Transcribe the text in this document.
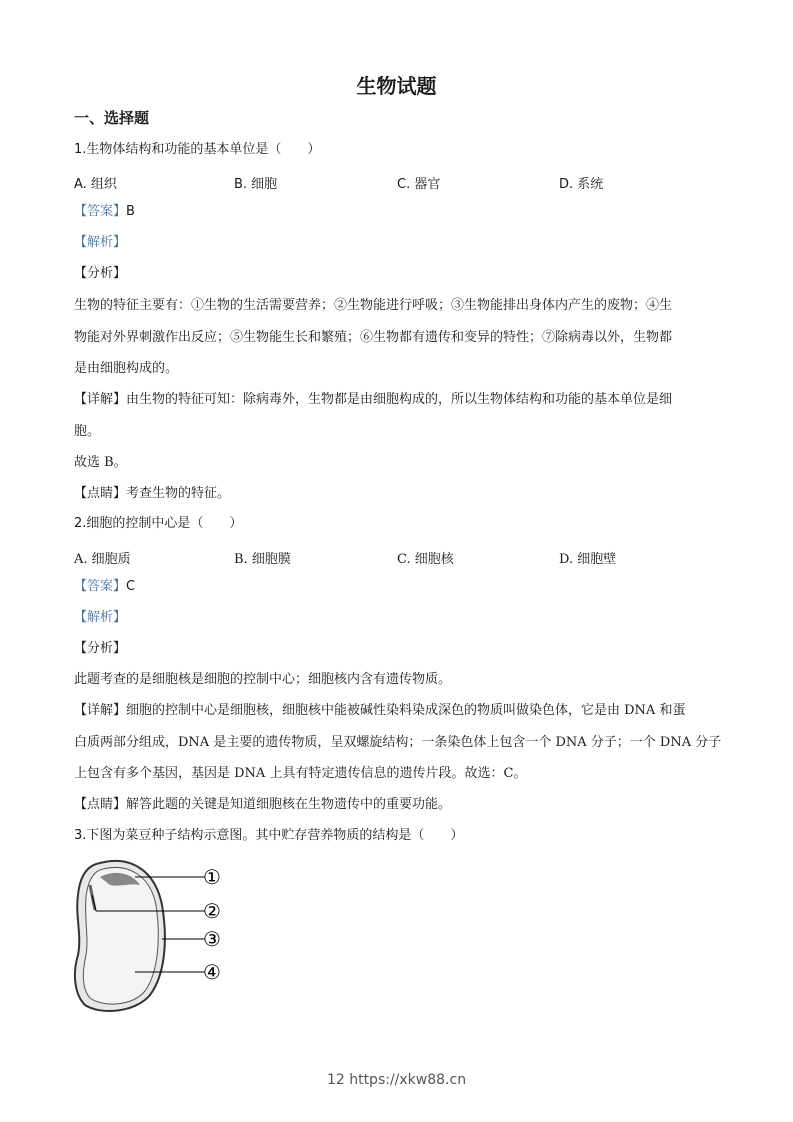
生物试题
一、选择题
1.生物体结构和功能的基本单位是（　　）
A. 组织	B. 细胞	C. 器官	D. 系统
【答案】B
【解析】
【分析】
生物的特征主要有：①生物的生活需要营养；②生物能进行呼吸；③生物能排出身体内产生的废物；④生
物能对外界刺激作出反应；⑤生物能生长和繁殖；⑥生物都有遗传和变异的特性；⑦除病毒以外，生物都
是由细胞构成的。
【详解】由生物的特征可知：除病毒外，生物都是由细胞构成的，所以生物体结构和功能的基本单位是细
胞。
故选 B。
【点睛】考查生物的特征。
2.细胞的控制中心是（　　）
A. 细胞质	B. 细胞膜	C. 细胞核	D. 细胞壁
【答案】C
【解析】
【分析】
此题考查的是细胞核是细胞的控制中心；细胞核内含有遗传物质。
【详解】细胞的控制中心是细胞核，细胞核中能被碱性染料染成深色的物质叫做染色体，它是由 DNA 和蛋
白质两部分组成，DNA 是主要的遗传物质，呈双螺旋结构；一条染色体上包含一个 DNA 分子；一个 DNA 分子
上包含有多个基因，基因是 DNA 上具有特定遗传信息的遗传片段。故选：C。
【点睛】解答此题的关键是知道细胞核在生物遗传中的重要功能。
3.下图为菜豆种子结构示意图。其中贮存营养物质的结构是（　　）
①
②
③
④
12 https://xkw88.cn
